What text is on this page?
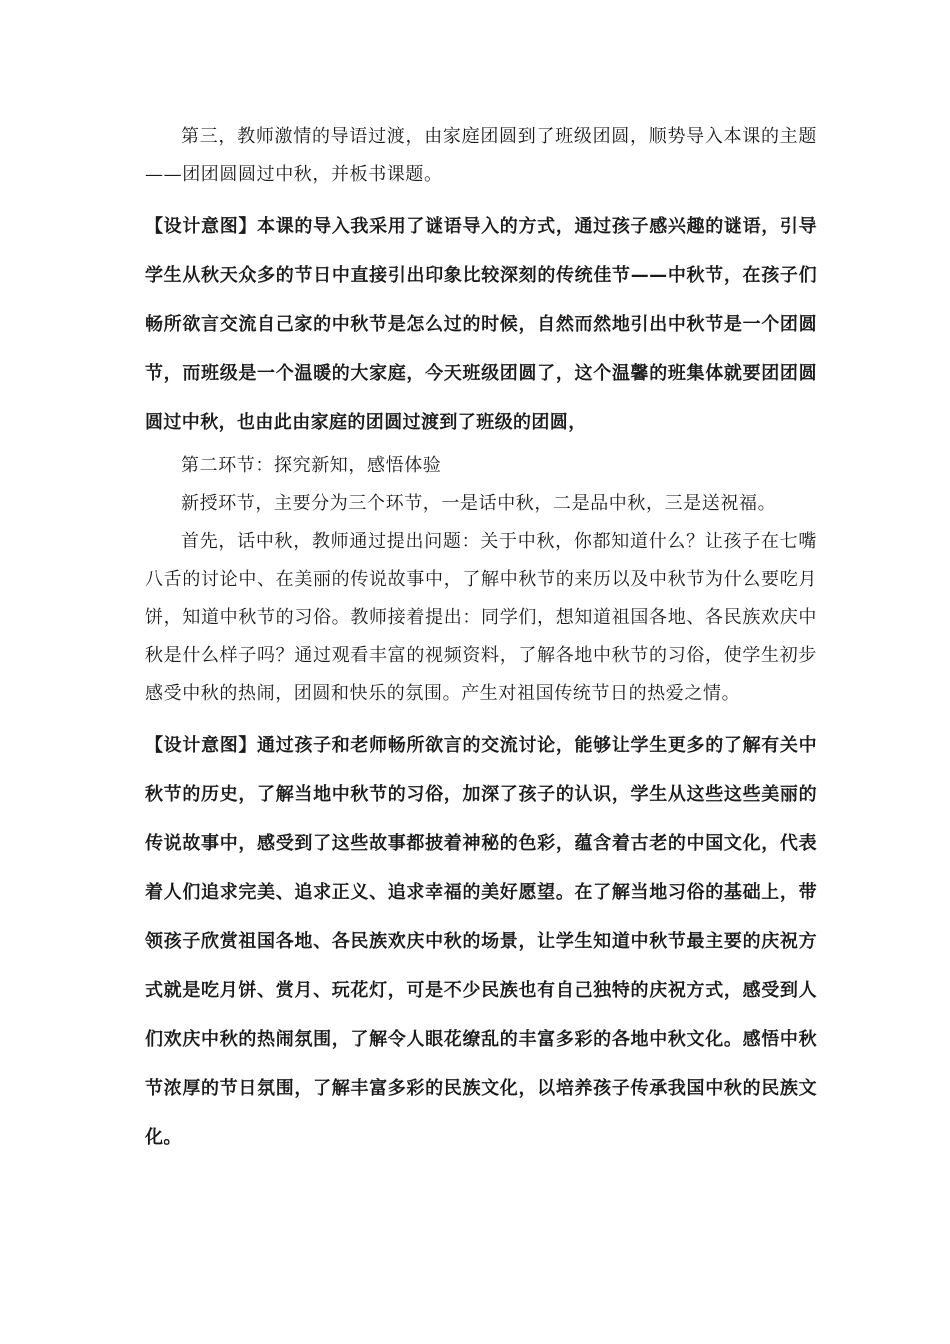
第三，教师激情的导语过渡，由家庭团圆到了班级团圆，顺势导入本课的主题——团团圆圆过中秋，并板书课题。

【设计意图】本课的导入我采用了谜语导入的方式，通过孩子感兴趣的谜语，引导学生从秋天众多的节日中直接引出印象比较深刻的传统佳节——中秋节，在孩子们畅所欲言交流自己家的中秋节是怎么过的时候，自然而然地引出中秋节是一个团圆节，而班级是一个温暖的大家庭，今天班级团圆了，这个温馨的班集体就要团团圆圆过中秋，也由此由家庭的团圆过渡到了班级的团圆，

第二环节：探究新知，感悟体验

新授环节，主要分为三个环节，一是话中秋，二是品中秋，三是送祝福。

首先，话中秋，教师通过提出问题：关于中秋，你都知道什么？让孩子在七嘴八舌的讨论中、在美丽的传说故事中，了解中秋节的来历以及中秋节为什么要吃月饼，知道中秋节的习俗。教师接着提出：同学们，想知道祖国各地、各民族欢庆中秋是什么样子吗？通过观看丰富的视频资料，了解各地中秋节的习俗，使学生初步感受中秋的热闹，团圆和快乐的氛围。产生对祖国传统节日的热爱之情。

【设计意图】通过孩子和老师畅所欲言的交流讨论，能够让学生更多的了解有关中秋节的历史，了解当地中秋节的习俗，加深了孩子的认识，学生从这些这些美丽的传说故事中，感受到了这些故事都披着神秘的色彩，蕴含着古老的中国文化，代表着人们追求完美、追求正义、追求幸福的美好愿望。在了解当地习俗的基础上，带领孩子欣赏祖国各地、各民族欢庆中秋的场景，让学生知道中秋节最主要的庆祝方式就是吃月饼、赏月、玩花灯，可是不少民族也有自己独特的庆祝方式，感受到人们欢庆中秋的热闹氛围，了解令人眼花缭乱的丰富多彩的各地中秋文化。感悟中秋节浓厚的节日氛围，了解丰富多彩的民族文化，以培养孩子传承我国中秋的民族文化。
